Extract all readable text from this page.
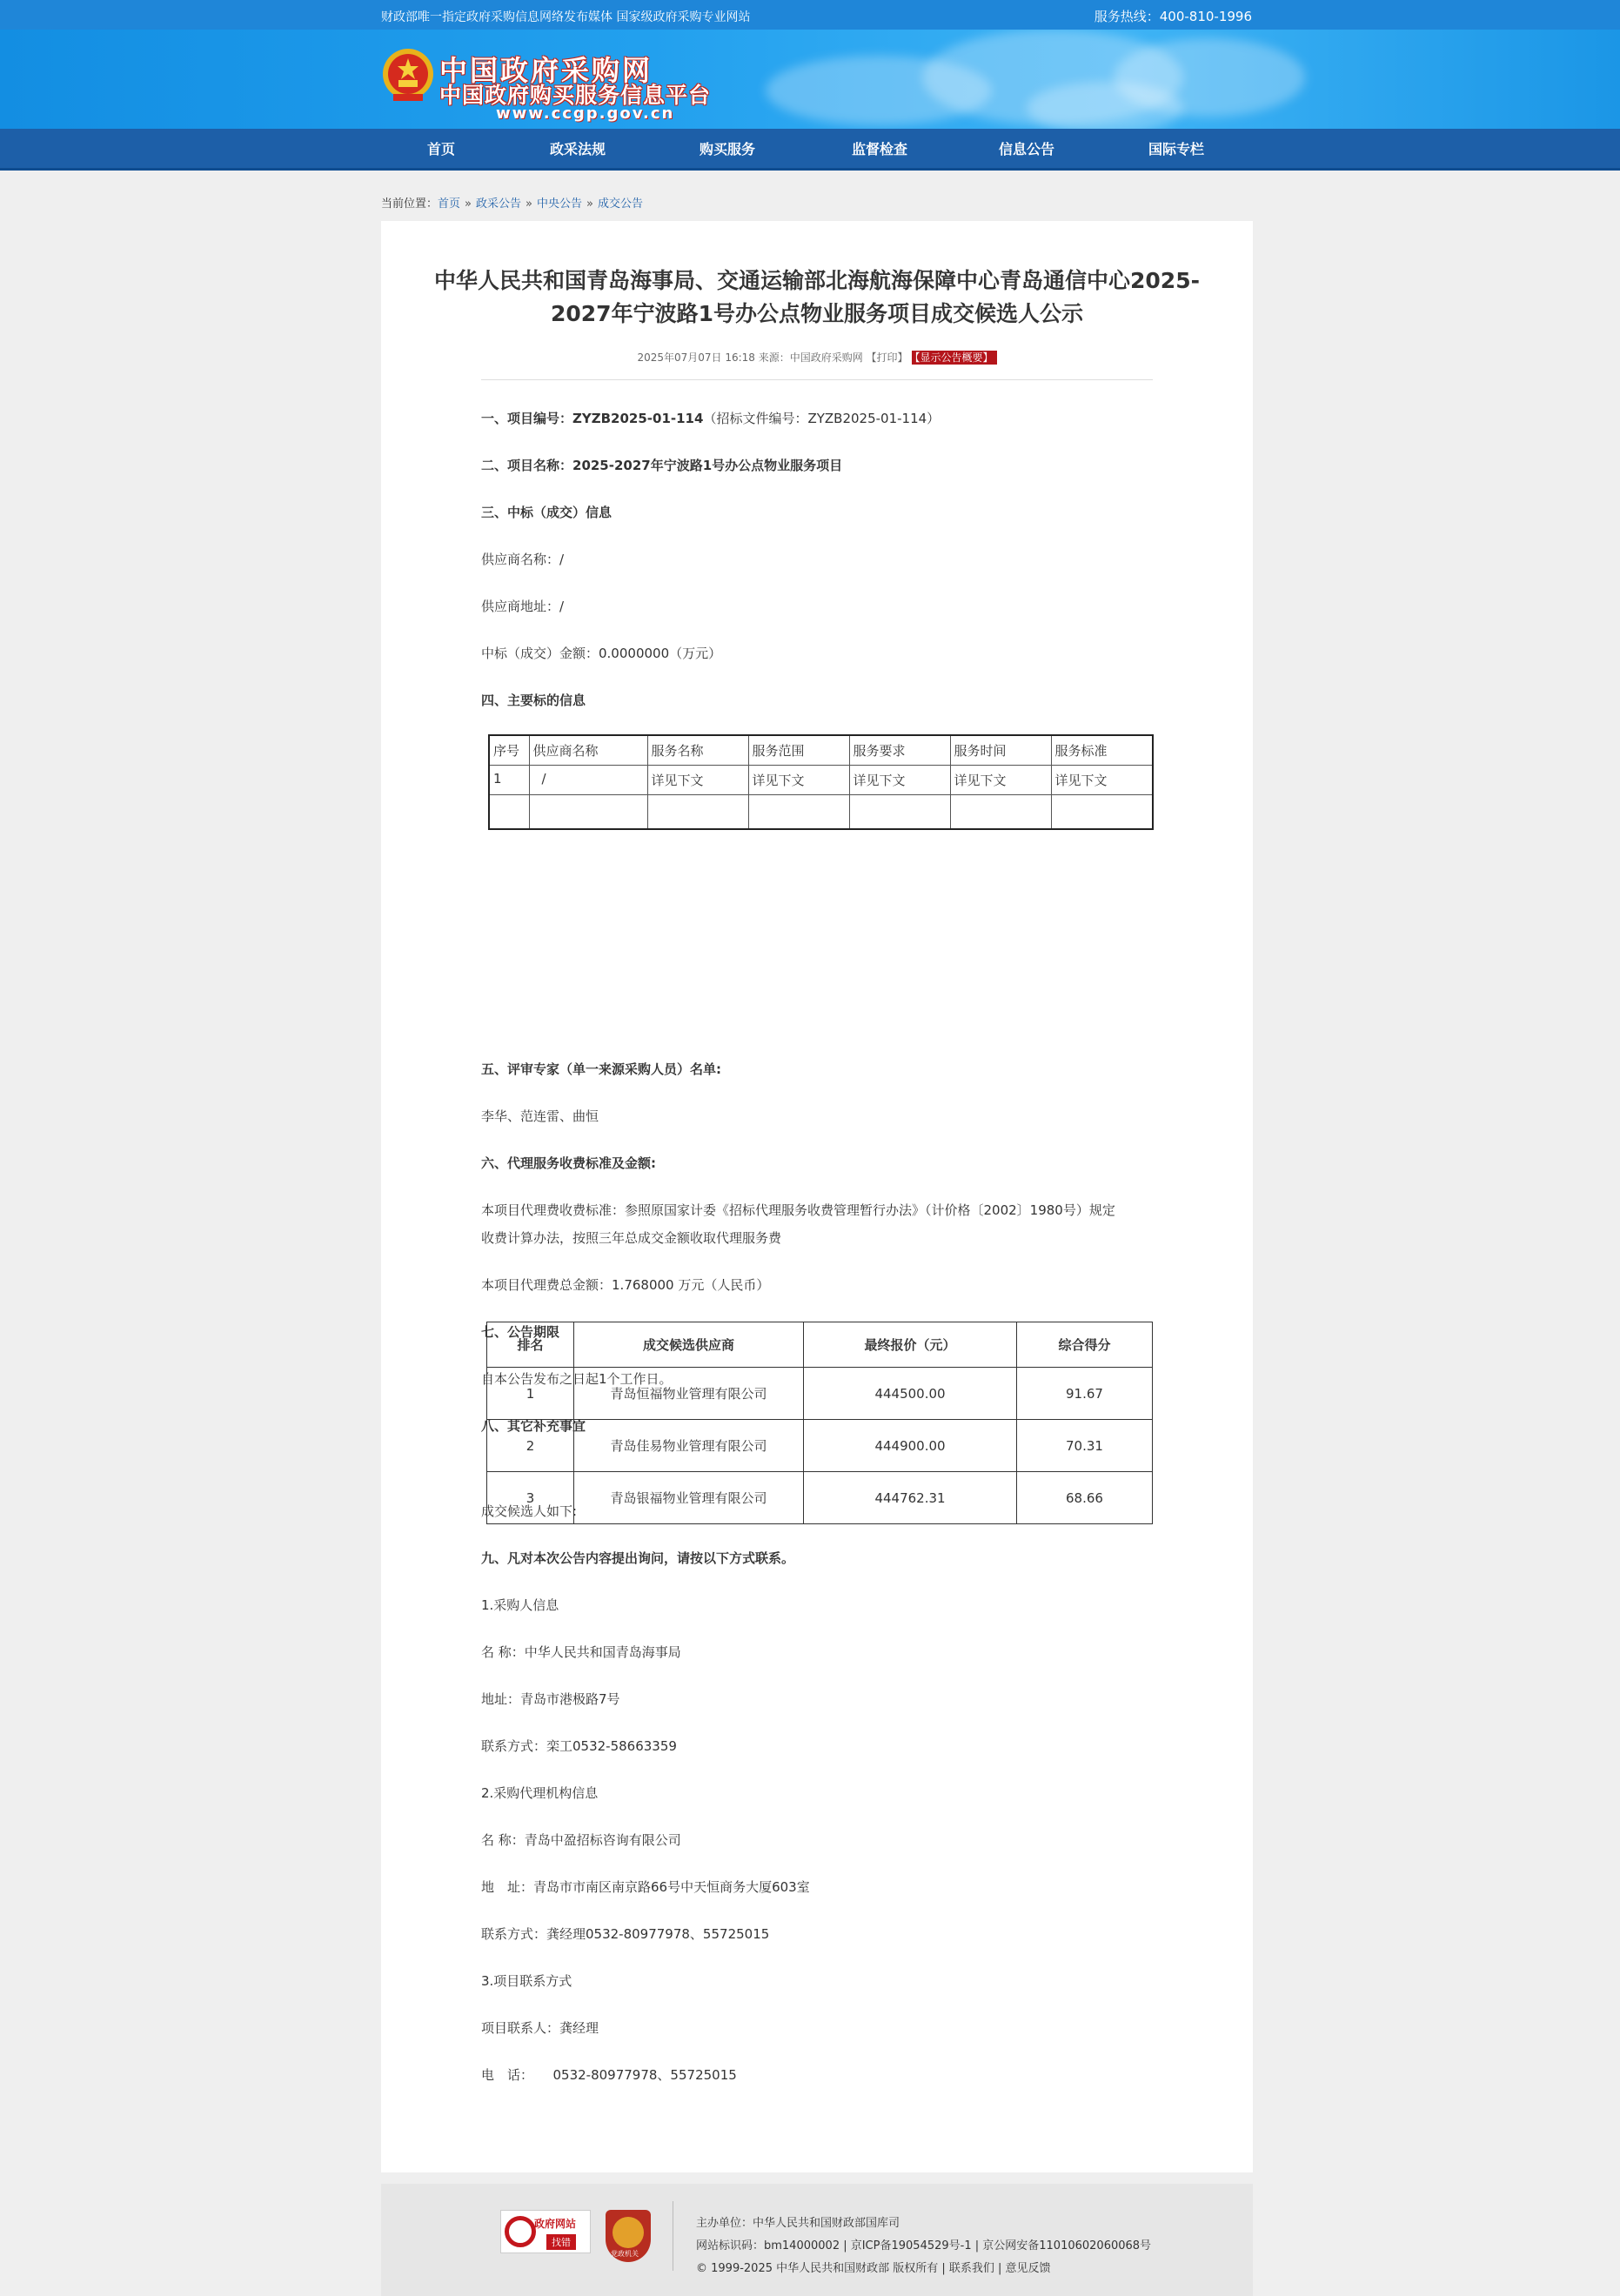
财政部唯一指定政府采购信息网络发布媒体 国家级政府采购专业网站	服务热线：400-810-1996
中国政府采购网
中国政府购买服务信息平台
www.ccgp.gov.cn
首页	政采法规	购买服务	监督检查	信息公告	国际专栏
当前位置：首页 » 政采公告 » 中央公告 » 成交公告
中华人民共和国青岛海事局、交通运输部北海航海保障中心青岛通信中心2025-
2027年宁波路1号办公点物业服务项目成交候选人公示
2025年07月07日 16:18 来源：中国政府采购网 【打印】 【显示公告概要】
一、项目编号：ZYZB2025-01-114（招标文件编号：ZYZB2025-01-114）
二、项目名称：2025-2027年宁波路1号办公点物业服务项目
三、中标（成交）信息
供应商名称：/
供应商地址：/
中标（成交）金额：0.0000000（万元）
四、主要标的信息
序号	供应商名称	服务名称	服务范围	服务要求	服务时间	服务标准
1	/	详见下文	详见下文	详见下文	详见下文	详见下文

五、评审专家（单一来源采购人员）名单:
李华、范连雷、曲恒
六、代理服务收费标准及金额:
本项目代理费收费标准：参照原国家计委《招标代理服务收费管理暂行办法》（计价格〔2002〕1980号）规定
收费计算办法，按照三年总成交金额收取代理服务费
本项目代理费总金额：1.768000 万元（人民币）
七、公告期限
自本公告发布之日起1个工作日。
八、其它补充事宜
成交候选人如下:
排名	成交候选供应商	最终报价（元）	综合得分
1	青岛恒福物业管理有限公司	444500.00	91.67
2	青岛佳易物业管理有限公司	444900.00	70.31
3	青岛银福物业管理有限公司	444762.31	68.66
九、凡对本次公告内容提出询问，请按以下方式联系。
1.采购人信息
名 称：中华人民共和国青岛海事局
地址：青岛市港极路7号
联系方式：栾工0532-58663359
2.采购代理机构信息
名 称：青岛中盈招标咨询有限公司
地　址：青岛市市南区南京路66号中天恒商务大厦603室
联系方式：龚经理0532-80977978、55725015
3.项目联系方式
项目联系人：龚经理
电　话：　　0532-80977978、55725015
政府网站
找错
党政机关
主办单位：中华人民共和国财政部国库司
网站标识码：bm14000002 | 京ICP备19054529号-1 | 京公网安备11010602060068号
© 1999-2025 中华人民共和国财政部 版权所有 | 联系我们 | 意见反馈
